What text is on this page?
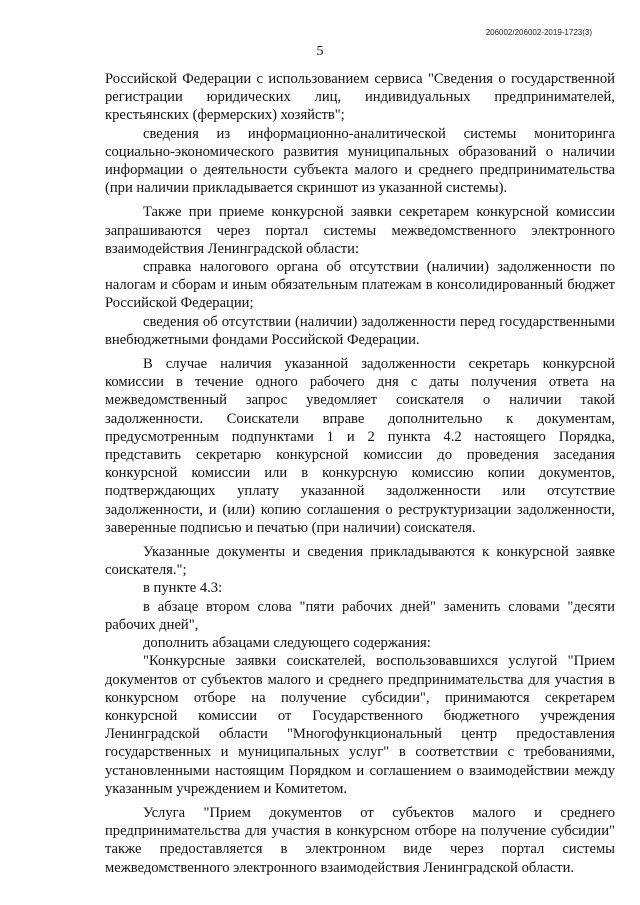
206002/206002-2019-1723(3)
5

Российской Федерации с использованием сервиса "Сведения о государственной регистрации юридических лиц, индивидуальных предпринимателей, крестьянских (фермерских) хозяйств";

сведения из информационно-аналитической системы мониторинга социально-экономического развития муниципальных образований о наличии информации о деятельности субъекта малого и среднего предпринимательства (при наличии прикладывается скриншот из указанной системы).

Также при приеме конкурсной заявки секретарем конкурсной комиссии запрашиваются через портал системы межведомственного электронного взаимодействия Ленинградской области:

справка налогового органа об отсутствии (наличии) задолженности по налогам и сборам и иным обязательным платежам в консолидированный бюджет Российской Федерации;

сведения об отсутствии (наличии) задолженности перед государственными внебюджетными фондами Российской Федерации.

В случае наличия указанной задолженности секретарь конкурсной комиссии в течение одного рабочего дня с даты получения ответа на межведомственный запрос уведомляет соискателя о наличии такой задолженности. Соискатели вправе дополнительно к документам, предусмотренным подпунктами 1 и 2 пункта 4.2 настоящего Порядка, представить секретарю конкурсной комиссии до проведения заседания конкурсной комиссии или в конкурсную комиссию копии документов, подтверждающих уплату указанной задолженности или отсутствие задолженности, и (или) копию соглашения о реструктуризации задолженности, заверенные подписью и печатью (при наличии) соискателя.

Указанные документы и сведения прикладываются к конкурсной заявке соискателя.";

в пункте 4.3:

в абзаце втором слова "пяти рабочих дней" заменить словами "десяти рабочих дней",

дополнить абзацами следующего содержания:

"Конкурсные заявки соискателей, воспользовавшихся услугой "Прием документов от субъектов малого и среднего предпринимательства для участия в конкурсном отборе на получение субсидии", принимаются секретарем конкурсной комиссии от Государственного бюджетного учреждения Ленинградской области "Многофункциональный центр предоставления государственных и муниципальных услуг" в соответствии с требованиями, установленными настоящим Порядком и соглашением о взаимодействии между указанным учреждением и Комитетом.

Услуга "Прием документов от субъектов малого и среднего предпринимательства для участия в конкурсном отборе на получение субсидии" также предоставляется в электронном виде через портал системы межведомственного электронного взаимодействия Ленинградской области.
